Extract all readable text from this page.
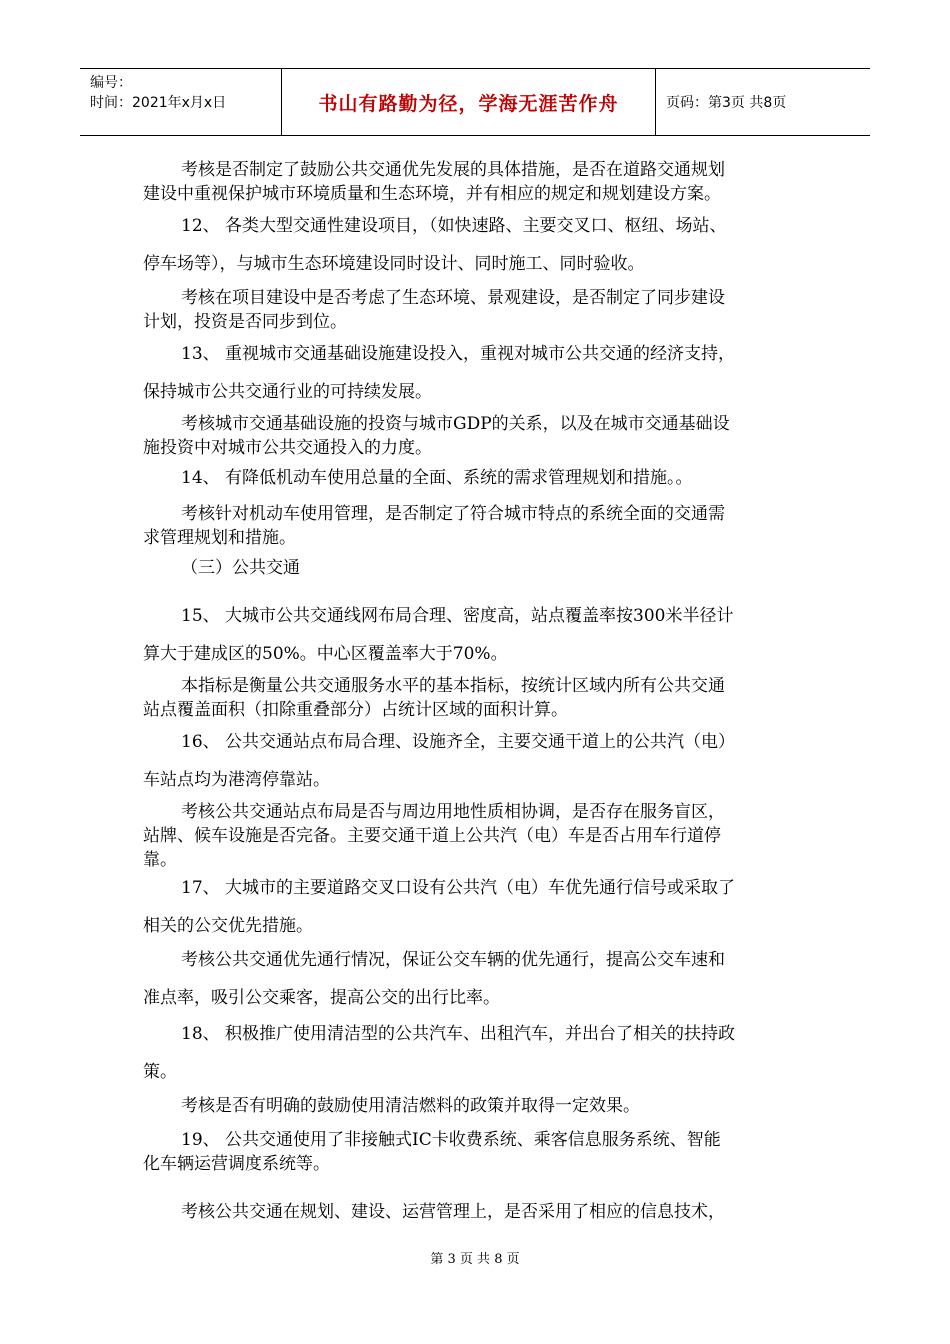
编号：
时间：2021年x月x日	书山有路勤为径，学海无涯苦作舟	页码：第3页 共8页
考核是否制定了鼓励公共交通优先发展的具体措施，是否在道路交通规划
建设中重视保护城市环境质量和生态环境，并有相应的规定和规划建设方案。
12、 各类大型交通性建设项目，（如快速路、主要交叉口、枢纽、场站、
停车场等），与城市生态环境建设同时设计、同时施工、同时验收。
考核在项目建设中是否考虑了生态环境、景观建设，是否制定了同步建设
计划，投资是否同步到位。
13、 重视城市交通基础设施建设投入，重视对城市公共交通的经济支持，
保持城市公共交通行业的可持续发展。
考核城市交通基础设施的投资与城市GDP的关系，以及在城市交通基础设
施投资中对城市公共交通投入的力度。
14、 有降低机动车使用总量的全面、系统的需求管理规划和措施。。
考核针对机动车使用管理，是否制定了符合城市特点的系统全面的交通需
求管理规划和措施。
（三）公共交通
15、 大城市公共交通线网布局合理、密度高，站点覆盖率按300米半径计
算大于建成区的50%。中心区覆盖率大于70%。
本指标是衡量公共交通服务水平的基本指标，按统计区域内所有公共交通
站点覆盖面积（扣除重叠部分）占统计区域的面积计算。
16、 公共交通站点布局合理、设施齐全，主要交通干道上的公共汽（电）
车站点均为港湾停靠站。
考核公共交通站点布局是否与周边用地性质相协调，是否存在服务盲区，
站牌、候车设施是否完备。主要交通干道上公共汽（电）车是否占用车行道停
靠。
17、 大城市的主要道路交叉口设有公共汽（电）车优先通行信号或采取了
相关的公交优先措施。
考核公共交通优先通行情况，保证公交车辆的优先通行，提高公交车速和
准点率，吸引公交乘客，提高公交的出行比率。
18、 积极推广使用清洁型的公共汽车、出租汽车，并出台了相关的扶持政
策。
考核是否有明确的鼓励使用清洁燃料的政策并取得一定效果。
19、 公共交通使用了非接触式IC卡收费系统、乘客信息服务系统、智能
化车辆运营调度系统等。
考核公共交通在规划、建设、运营管理上，是否采用了相应的信息技术，
第 3 页 共 8 页
